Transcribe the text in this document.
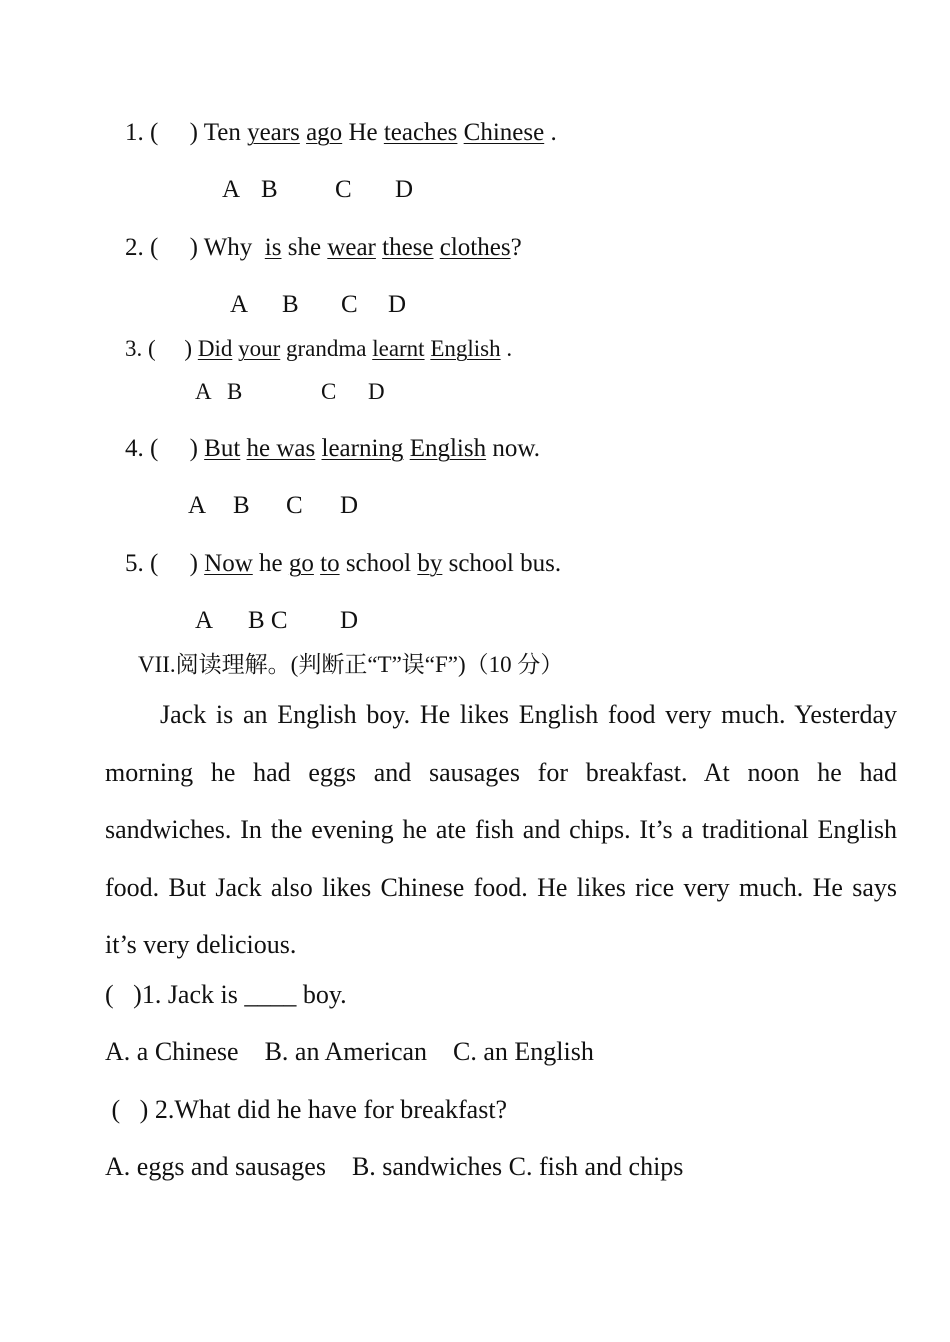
1. (     ) Ten years ago He teaches Chinese .

A

B

C

D

2. (     ) Why  is she wear these clothes?

A

B

C

D

3. (     ) Did your grandma learnt English .

A

B

	C

D

4. (     ) But he was learning English now.

A

B

C

D

5. (     ) Now he go to school by school bus.

A

B C

D

VII.阅读理解。(判断正“T”误“F”)（10 分）
Jack is an English boy. He likes English food very much. Yesterday morning he had eggs and sausages for breakfast. At noon he had sandwiches. In the evening he ate fish and chips. It’s a traditional English food. But Jack also likes Chinese food. He likes rice very much. He says it’s very delicious.
(   )1. Jack is ____ boy.
A. a Chinese    B. an American    C. an English
(   ) 2.What did he have for breakfast?
A. eggs and sausages    B. sandwiches C. fish and chips
